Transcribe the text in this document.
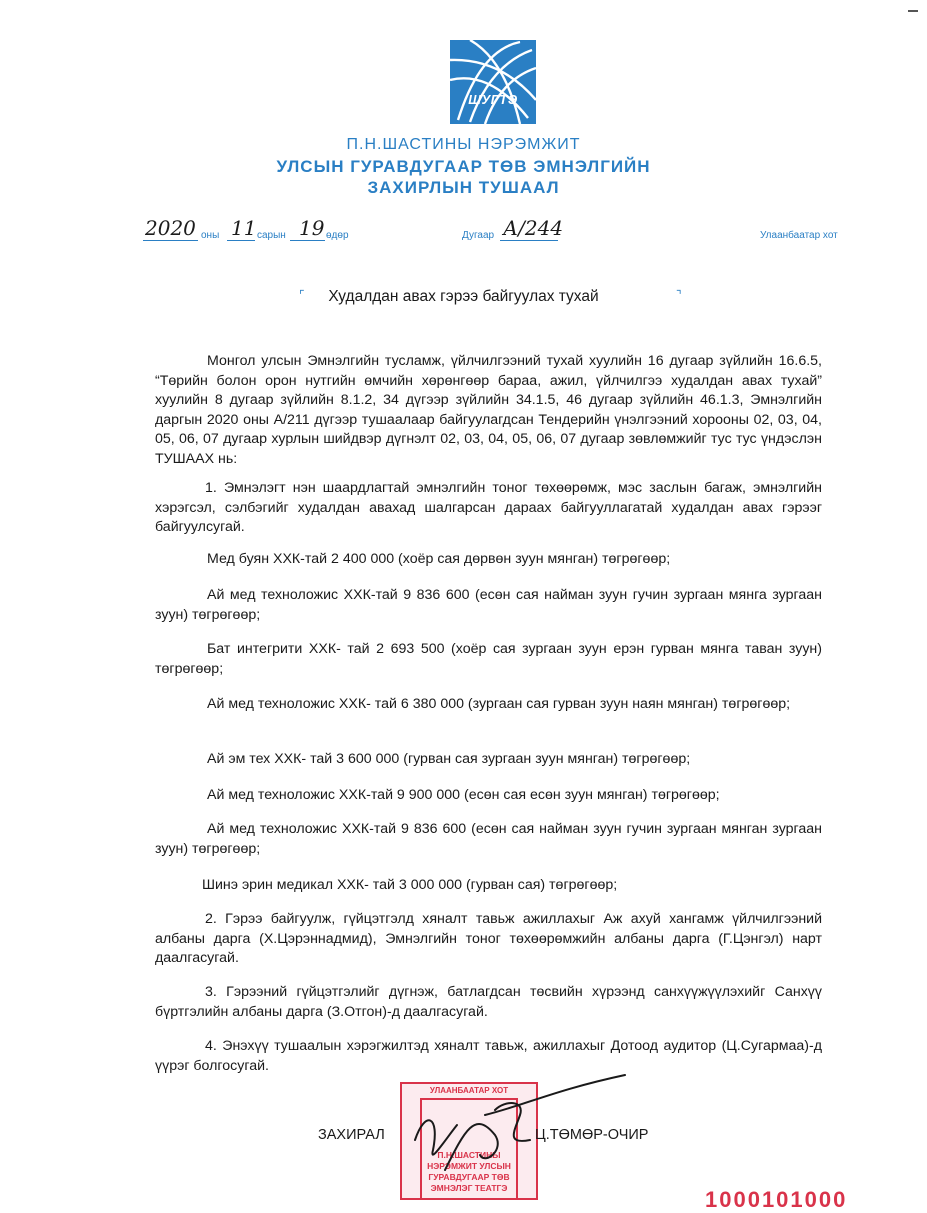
ШУГТЭ
П.Н.ШАСТИНЫ НЭРЭМЖИТ
УЛСЫН ГУРАВДУГААР ТӨВ ЭМНЭЛГИЙН
ЗАХИРЛЫН ТУШААЛ
2020 оны 11 сарын 19 өдөр	Дугаар А/244	Улаанбаатар хот
⌜	Худалдан авах гэрээ байгуулах тухай	⌝
Монгол улсын Эмнэлгийн тусламж, үйлчилгээний тухай хуулийн 16 дугаар зүйлийн 16.6.5, “Төрийн болон орон нутгийн өмчийн хөрөнгөөр бараа, ажил, үйлчилгээ худалдан авах тухай” хуулийн 8 дугаар зүйлийн 8.1.2, 34 дүгээр зүйлийн 34.1.5, 46 дугаар зүйлийн 46.1.3, Эмнэлгийн даргын 2020 оны А/211 дүгээр тушаалаар байгуулагдсан Тендерийн үнэлгээний хорооны 02, 03, 04, 05, 06, 07 дугаар хурлын шийдвэр дүгнэлт 02, 03, 04, 05, 06, 07 дугаар зөвлөмжийг тус тус үндэслэн ТУШААХ нь:
1. Эмнэлэгт нэн шаардлагтай эмнэлгийн тоног төхөөрөмж, мэс заслын багаж, эмнэлгийн хэрэгсэл, сэлбэгийг худалдан авахад шалгарсан дараах байгууллагатай худалдан авах гэрээг байгуулсугай.
Мед буян ХХК-тай 2 400 000 (хоёр сая дөрвөн зуун мянган) төгрөгөөр;
Ай мед техноложис ХХК-тай 9 836 600 (есөн сая найман зуун гучин зургаан мянга зургаан зуун) төгрөгөөр;
Бат интегрити ХХК- тай 2 693 500 (хоёр сая зургаан зуун ерэн гурван мянга таван зуун) төгрөгөөр;
Ай мед техноложис ХХК- тай 6 380 000 (зургаан сая гурван зуун наян мянган) төгрөгөөр;
Ай эм тех ХХК- тай 3 600 000 (гурван сая зургаан зуун мянган) төгрөгөөр;
Ай мед техноложис ХХК-тай 9 900 000 (есөн сая есөн зуун мянган) төгрөгөөр;
Ай мед техноложис ХХК-тай 9 836 600 (есөн сая найман зуун гучин зургаан мянган зургаан зуун) төгрөгөөр;
Шинэ эрин медикал ХХК- тай 3 000 000 (гурван сая) төгрөгөөр;
2. Гэрээ байгуулж, гүйцэтгэлд хяналт тавьж ажиллахыг Аж ахуй хангамж үйлчилгээний албаны дарга (Х.Цэрэннадмид), Эмнэлгийн тоног төхөөрөмжийн албаны дарга (Г.Цэнгэл) нарт даалгасугай.
3. Гэрээний гүйцэтгэлийг дүгнэж, батлагдсан төсвийн хүрээнд санхүүжүүлэхийг Санхүү бүртгэлийн албаны дарга (З.Отгон)-д даалгасугай.
4. Энэхүү тушаалын хэрэгжилтэд хяналт тавьж, ажиллахыг Дотоод аудитор (Ц.Сугармаа)-д үүрэг болгосугай.
УЛААНБААТАР ХОТ
П.Н.ШАСТИНЫ НЭРЭМЖИТ УЛСЫН ГУРАВДУГААР ТӨВ ЭМНЭЛЭГ ТЕАТГЭ
ЗАХИРАЛ	Ц.ТӨМӨР-ОЧИР
1000101000
